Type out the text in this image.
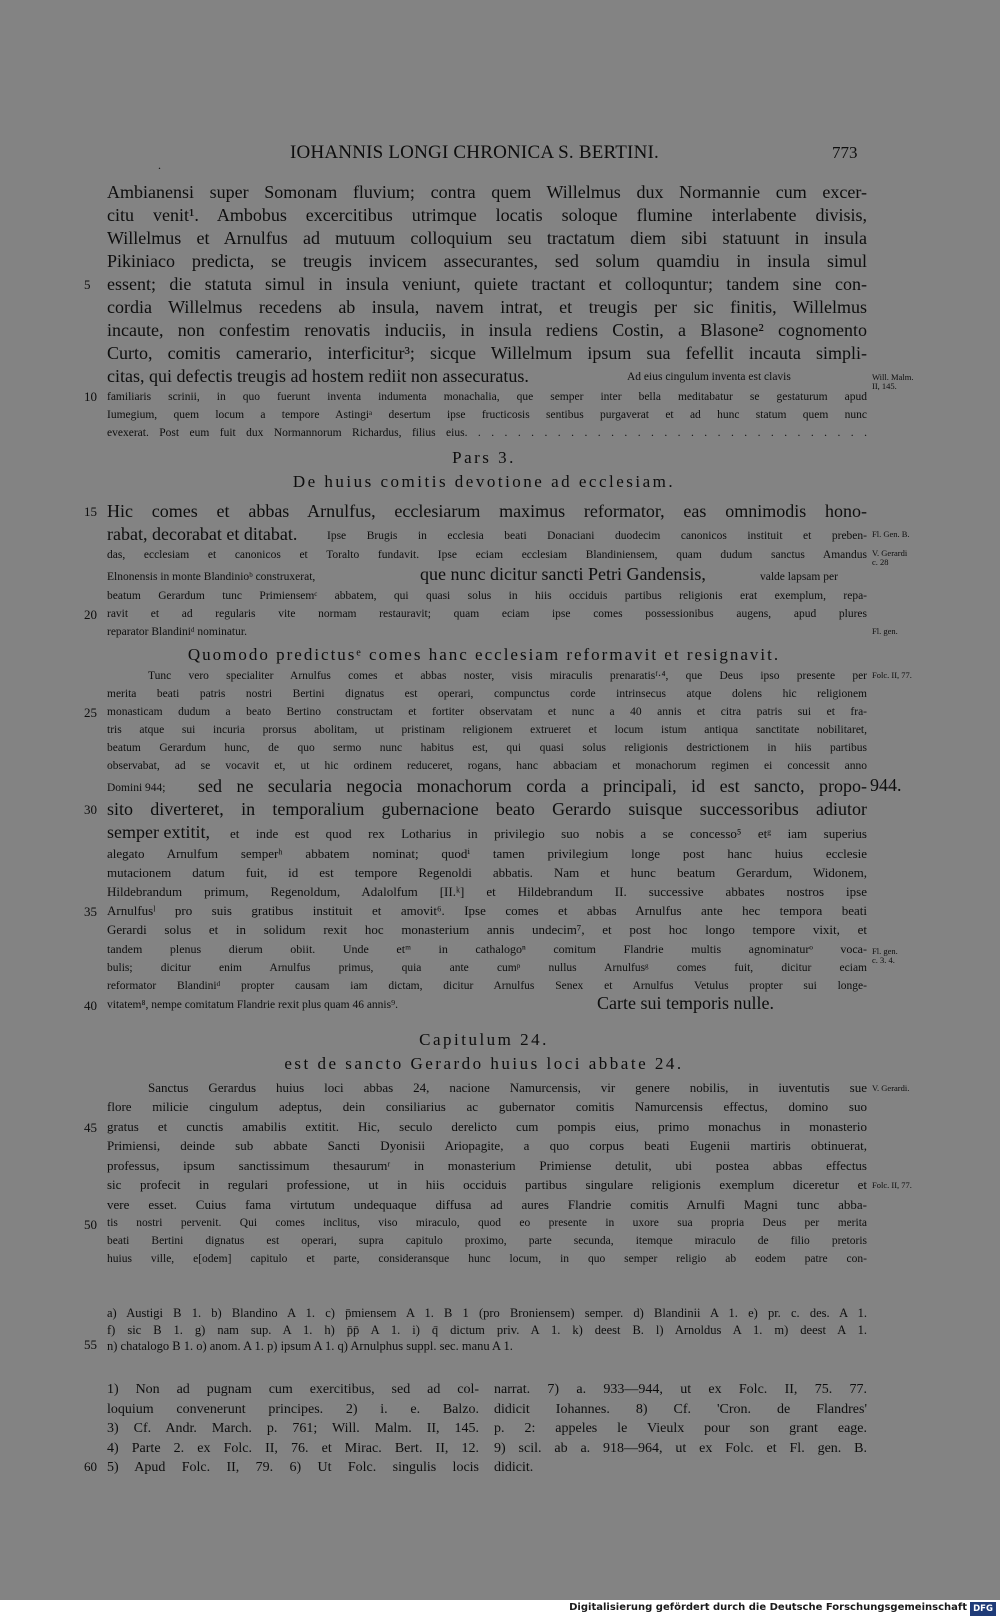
IOHANNIS LONGI CHRONICA S. BERTINI.	773
.
Ambianensi super Somonam fluvium; contra quem Willelmus dux Normannie cum excer-
citu venit¹. Ambobus excercitibus utrimque locatis soloque flumine interlabente divisis,
Willelmus et Arnulfus ad mutuum colloquium seu tractatum diem sibi statuunt in insula
Pikiniaco predicta, se treugis invicem assecurantes, sed solum quamdiu in insula simul
essent; die statuta simul in insula veniunt, quiete tractant et colloquntur; tandem sine con-
cordia Willelmus recedens ab insula, navem intrat, et treugis per sic finitis, Willelmus
incaute, non confestim renovatis induciis, in insula rediens Costin, a Blasone² cognomento
Curto, comitis camerario, interficitur³; sicque Willelmum ipsum sua fefellit incauta simpli-
citas, qui defectis treugis ad hostem rediit non assecuratus.	Ad eius cingulum inventa est clavis
familiaris scrinii, in quo fuerunt inventa indumenta monachalia, que semper inter bella meditabatur se gestaturum apud
Iumegium, quem locum a tempore Astingiᵃ desertum ipse fructicosis sentibus purgaverat et ad hunc statum quem nunc
evexerat. Post eum fuit dux Normannorum Richardus, filius eius. . . . . . . . . . . . . . . . . . . . . . . . . . . . . . .
Pars 3.
De huius comitis devotione ad ecclesiam.
Hic comes et abbas Arnulfus, ecclesiarum maximus reformator, eas omnimodis hono-
rabat, decorabat et ditabat.	Ipse Brugis in ecclesia beati Donaciani duodecim canonicos instituit et preben-
das, ecclesiam et canonicos et Toralto fundavit. Ipse eciam ecclesiam Blandiniensem, quam dudum sanctus Amandus
Elnonensis in monte Blandinioᵇ construxerat,	que nunc dicitur sancti Petri Gandensis,	valde lapsam per
beatum Gerardum tunc Primiensemᶜ abbatem, qui quasi solus in hiis occiduis partibus religionis erat exemplum, repa-
ravit et ad regularis vite normam restauravit; quam eciam ipse comes possessionibus augens, apud plures
reparator Blandiniᵈ nominatur.
Quomodo predictusᵉ comes hanc ecclesiam reformavit et resignavit.
Tunc vero specialiter Arnulfus comes et abbas noster, visis miraculis prenaratisᶠ·⁴, que Deus ipso presente per
merita beati patris nostri Bertini dignatus est operari, compunctus corde intrinsecus atque dolens hic religionem
monasticam dudum a beato Bertino constructam et fortiter observatam et nunc a 40 annis et citra patris sui et fra-
tris atque sui incuria prorsus abolitam, ut pristinam religionem extrueret et locum istum antiqua sanctitate nobilitaret,
beatum Gerardum hunc, de quo sermo nunc habitus est, qui quasi solus religionis destrictionem in hiis partibus
observabat, ad se vocavit et, ut hic ordinem reduceret, rogans, hanc abbaciam et monachorum regimen ei concessit anno
Domini 944; sed ne secularia negocia monachorum corda a principali, id est sancto, propo-
sito diverteret, in temporalium gubernacione beato Gerardo suisque successoribus adiutor
semper extitit, et inde est quod rex Lotharius in privilegio suo nobis a se concesso⁵ etᵍ iam superius
alegato Arnulfum semperʰ abbatem nominat; quodⁱ tamen privilegium longe post hanc huius ecclesie
mutacionem datum fuit, id est tempore Regenoldi abbatis. Nam et hunc beatum Gerardum, Widonem,
Hildebrandum primum, Regenoldum, Adalolfum [II.ᵏ] et Hildebrandum II. successive abbates nostros ipse
Arnulfusˡ pro suis gratibus instituit et amovit⁶. Ipse comes et abbas Arnulfus ante hec tempora beati
Gerardi solus et in solidum rexit hoc monasterium annis undecim⁷, et post hoc longo tempore vixit, et
tandem plenus dierum obiit. Unde etᵐ in cathalogoⁿ comitum Flandrie multis agnominaturᵒ voca-
bulis; dicitur enim Arnulfus primus, quia ante cumᵖ nullus Arnulfusᵍ comes fuit, dicitur eciam
reformator Blandiniᵈ propter causam iam dictam, dicitur Arnulfus Senex et Arnulfus Vetulus propter sui longe-
vitatem⁸, nempe comitatum Flandrie rexit plus quam 46 annis⁹.	Carte sui temporis nulle.
Capitulum 24.
est de sancto Gerardo huius loci abbate 24.
Sanctus Gerardus huius loci abbas 24, nacione Namurcensis, vir genere nobilis, in iuventutis sue
flore milicie cingulum adeptus, dein consiliarius ac gubernator comitis Namurcensis effectus, domino suo
gratus et cunctis amabilis extitit. Hic, seculo derelicto cum pompis eius, primo monachus in monasterio
Primiensi, deinde sub abbate Sancti Dyonisii Ariopagite, a quo corpus beati Eugenii martiris obtinuerat,
professus, ipsum sanctissimum thesaurumʳ in monasterium Primiense detulit, ubi postea abbas effectus
sic profecit in regulari professione, ut in hiis occiduis partibus singulare religionis exemplum diceretur et
vere esset. Cuius fama virtutum undequaque diffusa ad aures Flandrie comitis Arnulfi Magni tunc abba-
tis nostri pervenit. Qui comes inclitus, viso miraculo, quod eo presente in uxore sua propria Deus per merita
beati Bertini dignatus est operari, supra capitulo proximo, parte secunda, itemque miraculo de filio pretoris
huius ville, e[odem] capitulo et parte, consideransque hunc locum, in quo semper religio ab eodem patre con-
5
10
15
20
25
30
35
40
45
50
55
60
Will. Malm.
II, 145.
Fl. Gen. B.
V. Gerardi
c. 28
Fl. gen.
Folc. II, 77.
944.
Fl. gen.
c. 3. 4.
V. Gerardi.
Folc. II, 77.
a) Austigi B 1. b) Blandino A 1. c) p̄miensem A 1. B 1 (pro Broniensem) semper. d) Blandinii A 1. e) pr. c. des. A 1.
f) sic B 1. g) nam sup. A 1. h) p̄p̄ A 1. i) q̄ dictum priv. A 1. k) deest B. l) Arnoldus A 1. m) deest A 1.
n) chatalogo B 1. o) anom. A 1. p) ipsum A 1. q) Arnulphus suppl. sec. manu A 1.
1) Non ad pugnam cum exercitibus, sed ad col-
loquium convenerunt principes. 2) i. e. Balzo.
3) Cf. Andr. March. p. 761; Will. Malm. II, 145.
4) Parte 2. ex Folc. II, 76. et Mirac. Bert. II, 12.
5) Apud Folc. II, 79. 6) Ut Folc. singulis locis
narrat. 7) a. 933—944, ut ex Folc. II, 75. 77.
didicit Iohannes. 8) Cf. 'Cron. de Flandres'
p. 2: appeles le Vieulx pour son grant eage.
9) scil. ab a. 918—964, ut ex Folc. et Fl. gen. B.
didicit.
Digitalisierung gefördert durch die Deutsche Forschungsgemeinschaft DFG
